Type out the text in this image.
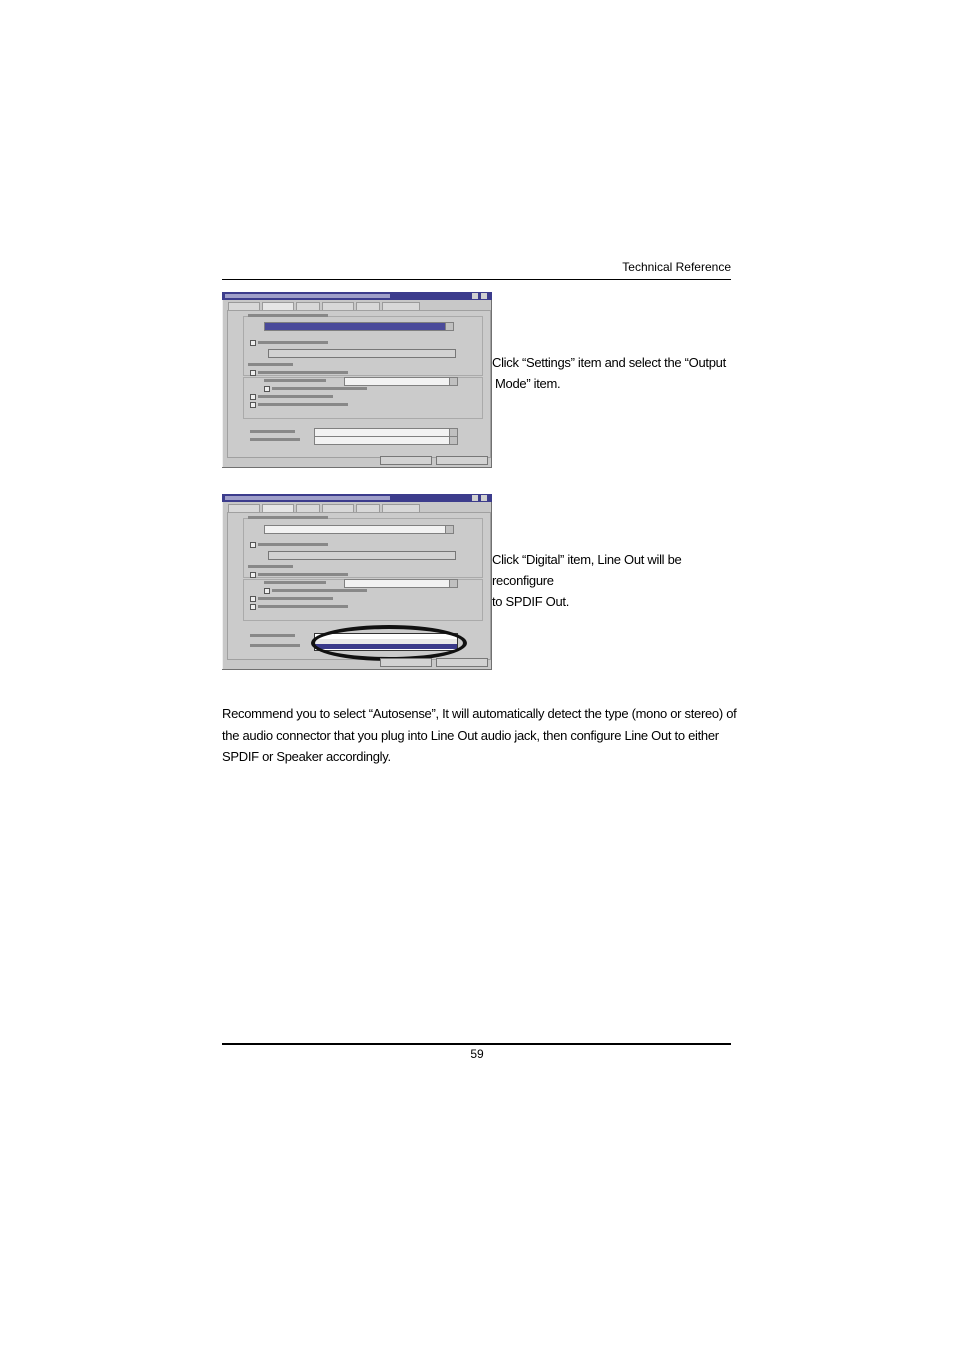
Technical Reference
Click “Settings” item and select the “Output
Mode” item.
Click “Digital” item, Line Out will be reconfigure
to SPDIF Out.
Recommend you to select “Autosense”, It will automatically detect the type (mono or stereo) of
the audio connector that you plug into Line Out audio jack, then configure Line Out to either
SPDIF or Speaker accordingly.
59
